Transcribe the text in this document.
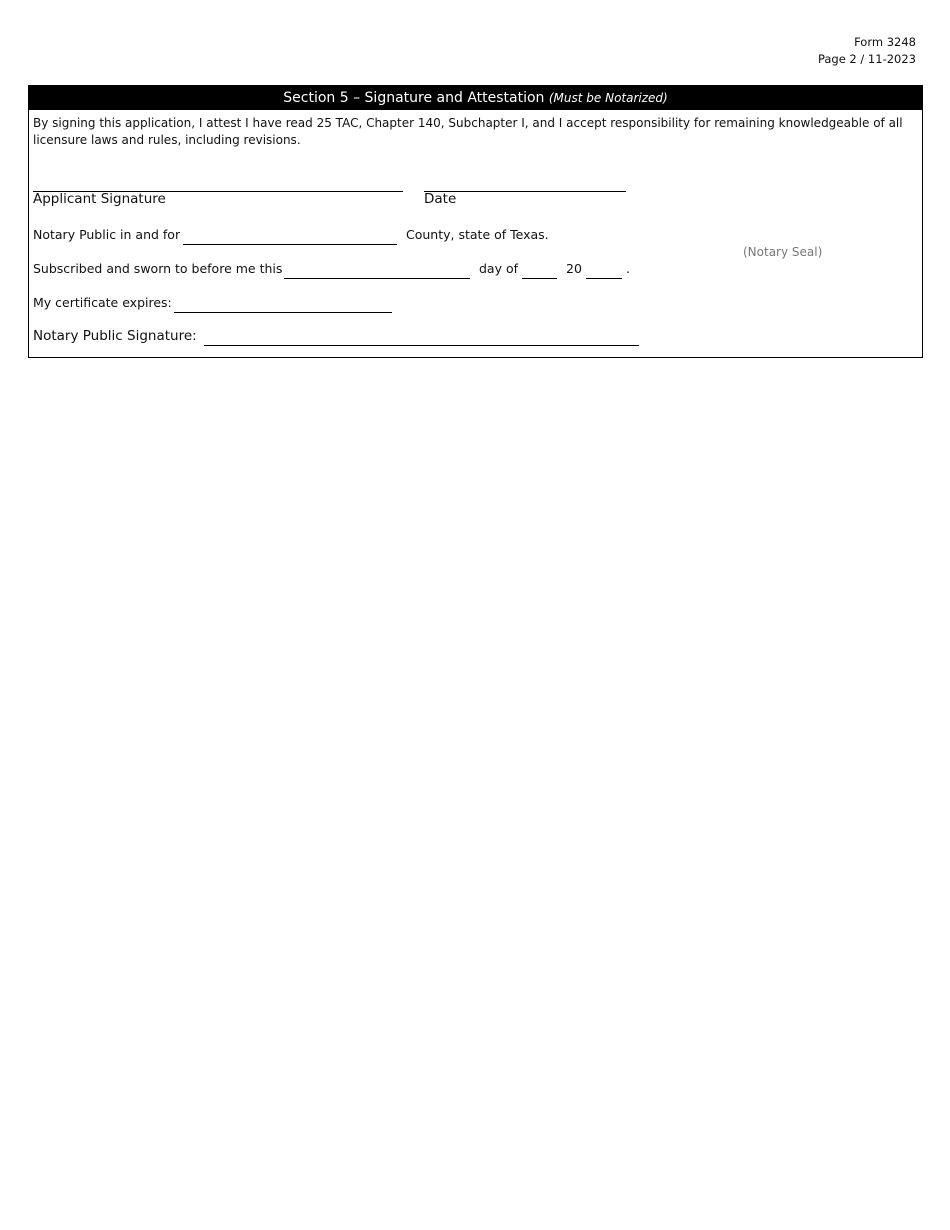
Form 3248
Page 2 / 11-2023
Section 5 – Signature and Attestation (Must be Notarized)
By signing this application, I attest I have read 25 TAC, Chapter 140, Subchapter I, and I accept responsibility for remaining knowledgeable of all licensure laws and rules, including revisions.
Applicant Signature	Date
Notary Public in and for	County, state of Texas.
Subscribed and sworn to before me this	day of	20	.
(Notary Seal)
My certificate expires:
Notary Public Signature:
